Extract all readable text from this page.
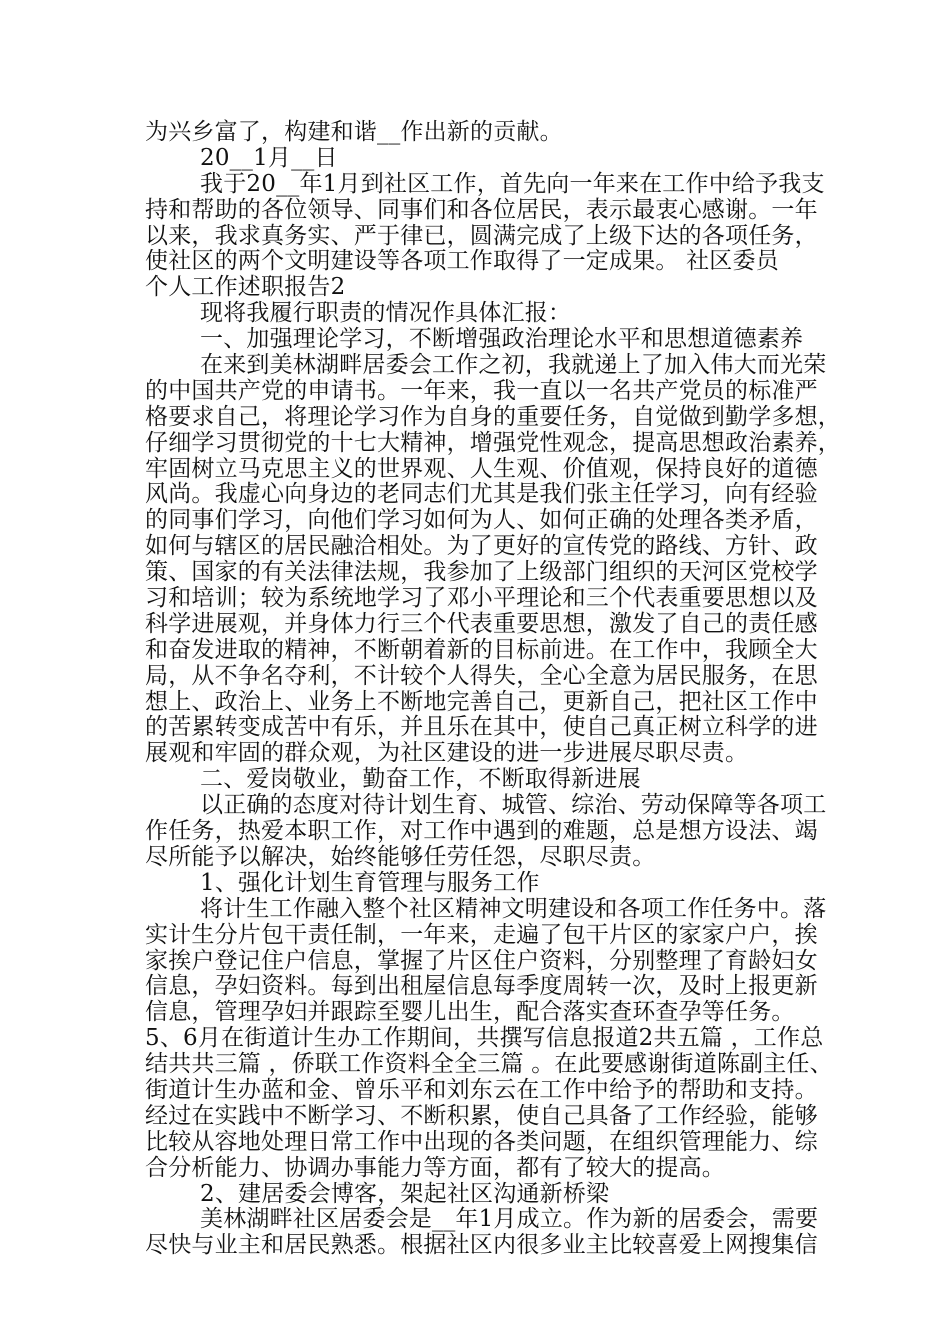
为兴乡富了，构建和谐__作出新的贡献。
20__1月__日
我于20__年1月到社区工作，首先向一年来在工作中给予我支
持和帮助的各位领导、同事们和各位居民，表示最衷心感谢。一年
以来，我求真务实、严于律已，圆满完成了上级下达的各项任务，
使社区的两个文明建设等各项工作取得了一定成果。 社区委员
个人工作述职报告2
现将我履行职责的情况作具体汇报：
一、加强理论学习，不断增强政治理论水平和思想道德素养
在来到美林湖畔居委会工作之初，我就递上了加入伟大而光荣
的中国共产党的申请书。一年来，我一直以一名共产党员的标准严
格要求自己，将理论学习作为自身的重要任务，自觉做到勤学多想，
仔细学习贯彻党的十七大精神，增强党性观念，提高思想政治素养，
牢固树立马克思主义的世界观、人生观、价值观，保持良好的道德
风尚。我虚心向身边的老同志们尤其是我们张主任学习，向有经验
的同事们学习，向他们学习如何为人、如何正确的处理各类矛盾，
如何与辖区的居民融洽相处。为了更好的宣传党的路线、方针、政
策、国家的有关法律法规，我参加了上级部门组织的天河区党校学
习和培训；较为系统地学习了邓小平理论和三个代表重要思想以及
科学进展观，并身体力行三个代表重要思想，激发了自己的责任感
和奋发进取的精神，不断朝着新的目标前进。在工作中，我顾全大
局，从不争名夺利，不计较个人得失，全心全意为居民服务，在思
想上、政治上、业务上不断地完善自己，更新自己，把社区工作中
的苦累转变成苦中有乐，并且乐在其中，使自己真正树立科学的进
展观和牢固的群众观，为社区建设的进一步进展尽职尽责。
二、爱岗敬业，勤奋工作，不断取得新进展
以正确的态度对待计划生育、城管、综治、劳动保障等各项工
作任务，热爱本职工作，对工作中遇到的难题，总是想方设法、竭
尽所能予以解决，始终能够任劳任怨，尽职尽责。
1、强化计划生育管理与服务工作
将计生工作融入整个社区精神文明建设和各项工作任务中。落
实计生分片包干责任制，一年来，走遍了包干片区的家家户户，挨
家挨户登记住户信息，掌握了片区住户资料，分别整理了育龄妇女
信息，孕妇资料。每到出租屋信息每季度周转一次，及时上报更新
信息，管理孕妇并跟踪至婴儿出生，配合落实查环查孕等任务。
5、6月在街道计生办工作期间，共撰写信息报道2共五篇 ，工作总
结共共三篇 ，侨联工作资料全全三篇 。在此要感谢街道陈副主任、
街道计生办蓝和金、曾乐平和刘东云在工作中给予的帮助和支持。
经过在实践中不断学习、不断积累，使自己具备了工作经验，能够
比较从容地处理日常工作中出现的各类问题，在组织管理能力、综
合分析能力、协调办事能力等方面，都有了较大的提高。
2、建居委会博客，架起社区沟通新桥梁
美林湖畔社区居委会是__年1月成立。作为新的居委会，需要
尽快与业主和居民熟悉。根据社区内很多业主比较喜爱上网搜集信
